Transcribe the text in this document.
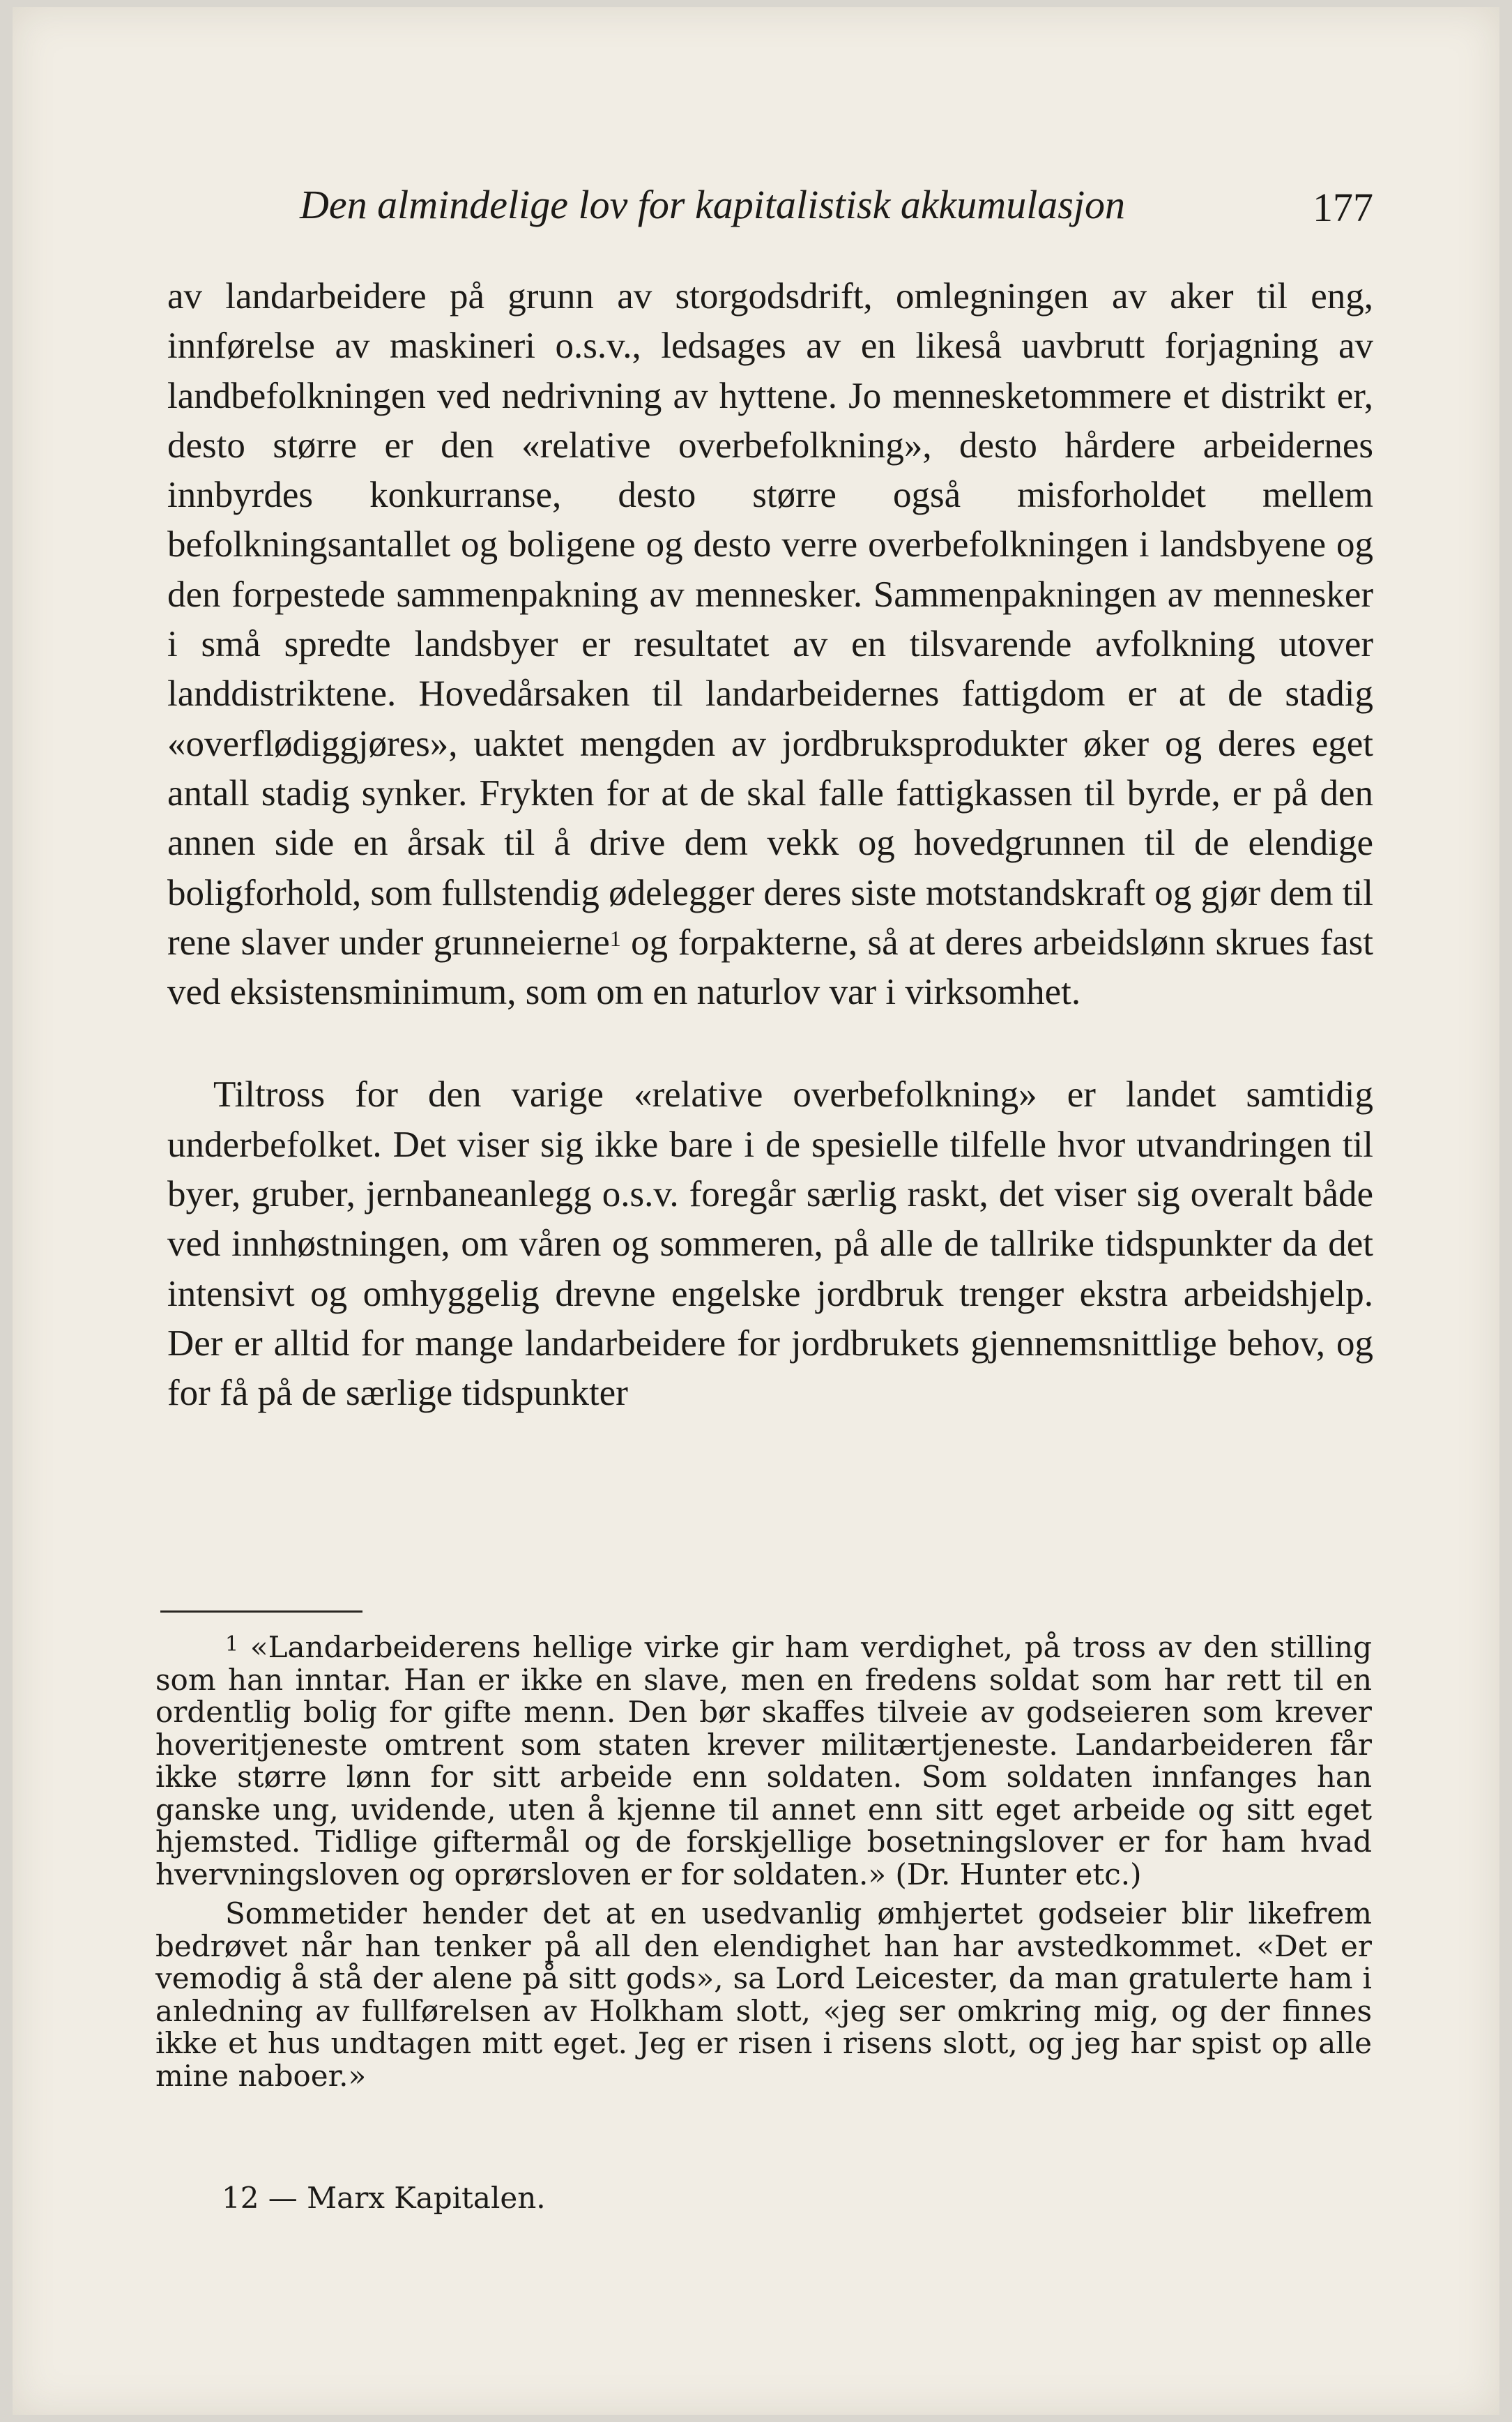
Den almindelige lov for kapitalistisk akkumulasjon	177

av landarbeidere på grunn av storgodsdrift, omlegningen av aker til eng, innførelse av maskineri o.s.v., ledsages av en likeså uavbrutt forjagning av landbefolkningen ved nedrivning av hyttene. Jo mennesketommere et distrikt er, desto større er den «relative overbefolkning», desto hårdere arbeidernes innbyrdes konkurranse, desto større også misforholdet mellem befolkningsantallet og boligene og desto verre overbefolkningen i landsbyene og den forpestede sammenpakning av mennesker. Sammenpakningen av mennesker i små spredte landsbyer er resultatet av en tilsvarende avfolkning utover landdistriktene. Hovedårsaken til landarbeidernes fattigdom er at de stadig «overflødiggjøres», uaktet mengden av jordbruksprodukter øker og deres eget antall stadig synker. Frykten for at de skal falle fattigkassen til byrde, er på den annen side en årsak til å drive dem vekk og hovedgrunnen til de elendige boligforhold, som fullstendig ødelegger deres siste motstandskraft og gjør dem til rene slaver under grunneierne$^1$ og forpakterne, så at deres arbeidslønn skrues fast ved eksistensminimum, som om en naturlov var i virksomhet.

Tiltross for den varige «relative overbefolkning» er landet samtidig underbefolket. Det viser sig ikke bare i de spesielle tilfelle hvor utvandringen til byer, gruber, jernbaneanlegg o.s.v. foregår særlig raskt, det viser sig overalt både ved innhøstningen, om våren og sommeren, på alle de tallrike tidspunkter da det intensivt og omhyggelig drevne engelske jordbruk trenger ekstra arbeidshjelp. Der er alltid for mange landarbeidere for jordbrukets gjennemsnittlige behov, og for få på de særlige tidspunkter

$^1$ «Landarbeiderens hellige virke gir ham verdighet, på tross av den stilling som han inntar. Han er ikke en slave, men en fredens soldat som har rett til en ordentlig bolig for gifte menn. Den bør skaffes tilveie av godseieren som krever hoveritjeneste omtrent som staten krever militærtjeneste. Landarbeideren får ikke større lønn for sitt arbeide enn soldaten. Som soldaten innfanges han ganske ung, uvidende, uten å kjenne til annet enn sitt eget arbeide og sitt eget hjemsted. Tidlige giftermål og de forskjellige bosetningslover er for ham hvad hvervningsloven og oprørsloven er for soldaten.» (Dr. Hunter etc.)

Sommetider hender det at en usedvanlig ømhjertet godseier blir likefrem bedrøvet når han tenker på all den elendighet han har avstedkommet. «Det er vemodig å stå der alene på sitt gods», sa Lord Leicester, da man gratulerte ham i anledning av fullførelsen av Holkham slott, «jeg ser omkring mig, og der finnes ikke et hus undtagen mitt eget. Jeg er risen i risens slott, og jeg har spist op alle mine naboer.»

12 — Marx Kapitalen.
